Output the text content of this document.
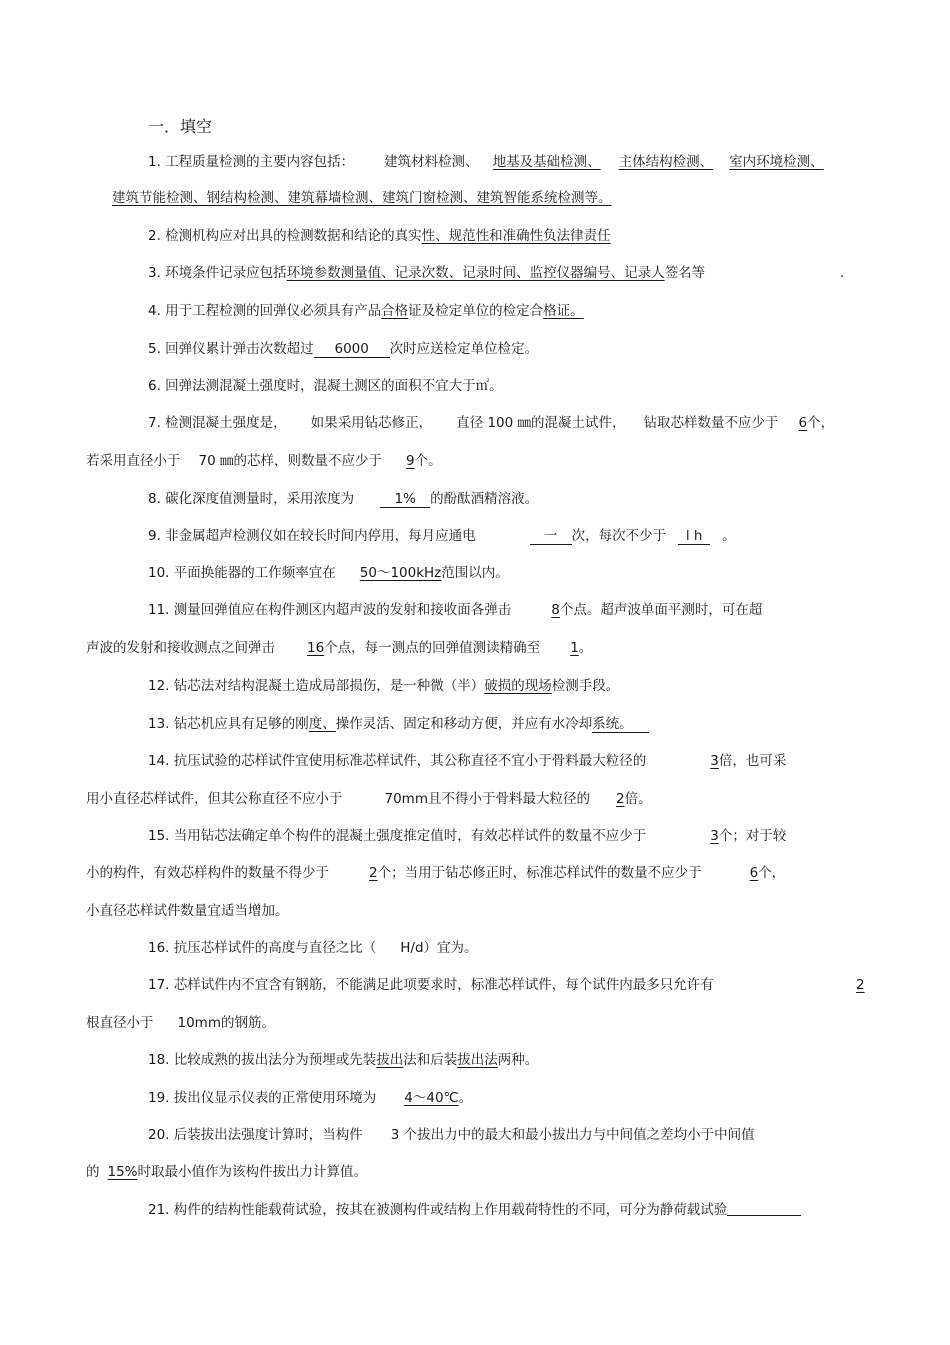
一．填空
1. 工程质量检测的主要内容包括： 建筑材料检测、 地基及基础检测、 主体结构检测、 室内环境检测、
建筑节能检测、钢结构检测、建筑幕墙检测、建筑门窗检测、建筑智能系统检测等。
2. 检测机构应对出具的检测数据和结论的真实性、规范性和准确性负法律责任
3. 环境条件记录应包括环境参数测量值、记录次数、记录时间、监控仪器编号、记录人签名等	.
4. 用于工程检测的回弹仪必须具有产品合格证及检定单位的检定合格证。
5. 回弹仪累计弹击次数超过 6000 次时应送检定单位检定。
6. 回弹法测混凝土强度时，混凝土测区的面积不宜大于㎡。
7. 检测混凝土强度是， 如果采用钻芯修正， 直径 100 ㎜的混凝土试件， 钻取芯样数量不应少于 6个，
若采用直径小于 70 ㎜的芯样，则数量不应少于 9个。
8. 碳化深度值测量时，采用浓度为	1% 的酚酞酒精溶液。
9. 非金属超声检测仪如在较长时间内停用，每月应通电	一 次，每次不少于 l h 。
10. 平面换能器的工作频率宜在 50～100kHz范围以内。
11. 测量回弹值应在构件测区内超声波的发射和接收面各弹击	8个点。超声波单面平测时，可在超
声波的发射和接收测点之间弹击 16个点，每一测点的回弹值测读精确至 1。
12. 钻芯法对结构混凝土造成局部损伤，是一种微（半）破损的现场检测手段。
13. 钻芯机应具有足够的刚度、操作灵活、固定和移动方便，并应有水冷却系统。
14. 抗压试验的芯样试件宜使用标准芯样试件，其公称直径不宜小于骨料最大粒径的	3倍，也可采
用小直径芯样试件，但其公称直径不应小于	70mm且不得小于骨料最大粒径的 2倍。
15. 当用钻芯法确定单个构件的混凝土强度推定值时，有效芯样试件的数量不应少于	3个；对于较
小的构件，有效芯样构件的数量不得少于	2个；当用于钻芯修正时，标准芯样试件的数量不应少于	6个，
小直径芯样试件数量宜适当增加。
16. 抗压芯样试件的高度与直径之比（ H/d）宜为。
17. 芯样试件内不宜含有钢筋，不能满足此项要求时，标准芯样试件，每个试件内最多只允许有	2
根直径小于 10mm的钢筋。
18. 比较成熟的拔出法分为预埋或先装拔出法和后装拔出法两种。
19. 拔出仪显示仪表的正常使用环境为 4～40℃。
20. 后装拔出法强度计算时，当构件 3 个拔出力中的最大和最小拔出力与中间值之差均小于中间值
的 15%时取最小值作为该构件拔出力计算值。
21. 构件的结构性能载荷试验，按其在被测构件或结构上作用载荷特性的不同，可分为静荷载试验
